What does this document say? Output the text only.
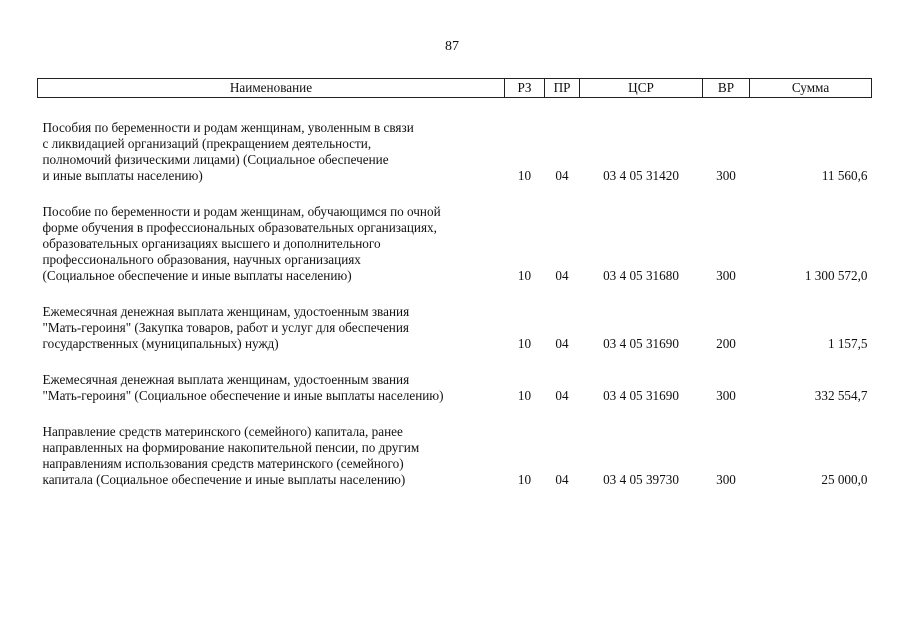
87
Наименование	РЗ	ПР	ЦСР	ВР	Сумма

Пособия по беременности и родам женщинам, уволенным в связи
с ликвидацией организаций (прекращением деятельности,
полномочий физическими лицами) (Социальное обеспечение
и иные выплаты населению)	10	04	03 4 05 31420	300	11 560,6

Пособие по беременности и родам женщинам, обучающимся по очной
форме обучения в профессиональных образовательных организациях,
образовательных организациях высшего и дополнительного
профессионального образования, научных организациях
(Социальное обеспечение и иные выплаты населению)	10	04	03 4 05 31680	300	1 300 572,0

Ежемесячная денежная выплата женщинам, удостоенным звания
"Мать-героиня" (Закупка товаров, работ и услуг для обеспечения
государственных (муниципальных) нужд)	10	04	03 4 05 31690	200	1 157,5

Ежемесячная денежная выплата женщинам, удостоенным звания
"Мать-героиня" (Социальное обеспечение и иные выплаты населению)	10	04	03 4 05 31690	300	332 554,7

Направление средств материнского (семейного) капитала, ранее
направленных на формирование накопительной пенсии, по другим
направлениям использования средств материнского (семейного)
капитала (Социальное обеспечение и иные выплаты населению)	10	04	03 4 05 39730	300	25 000,0
